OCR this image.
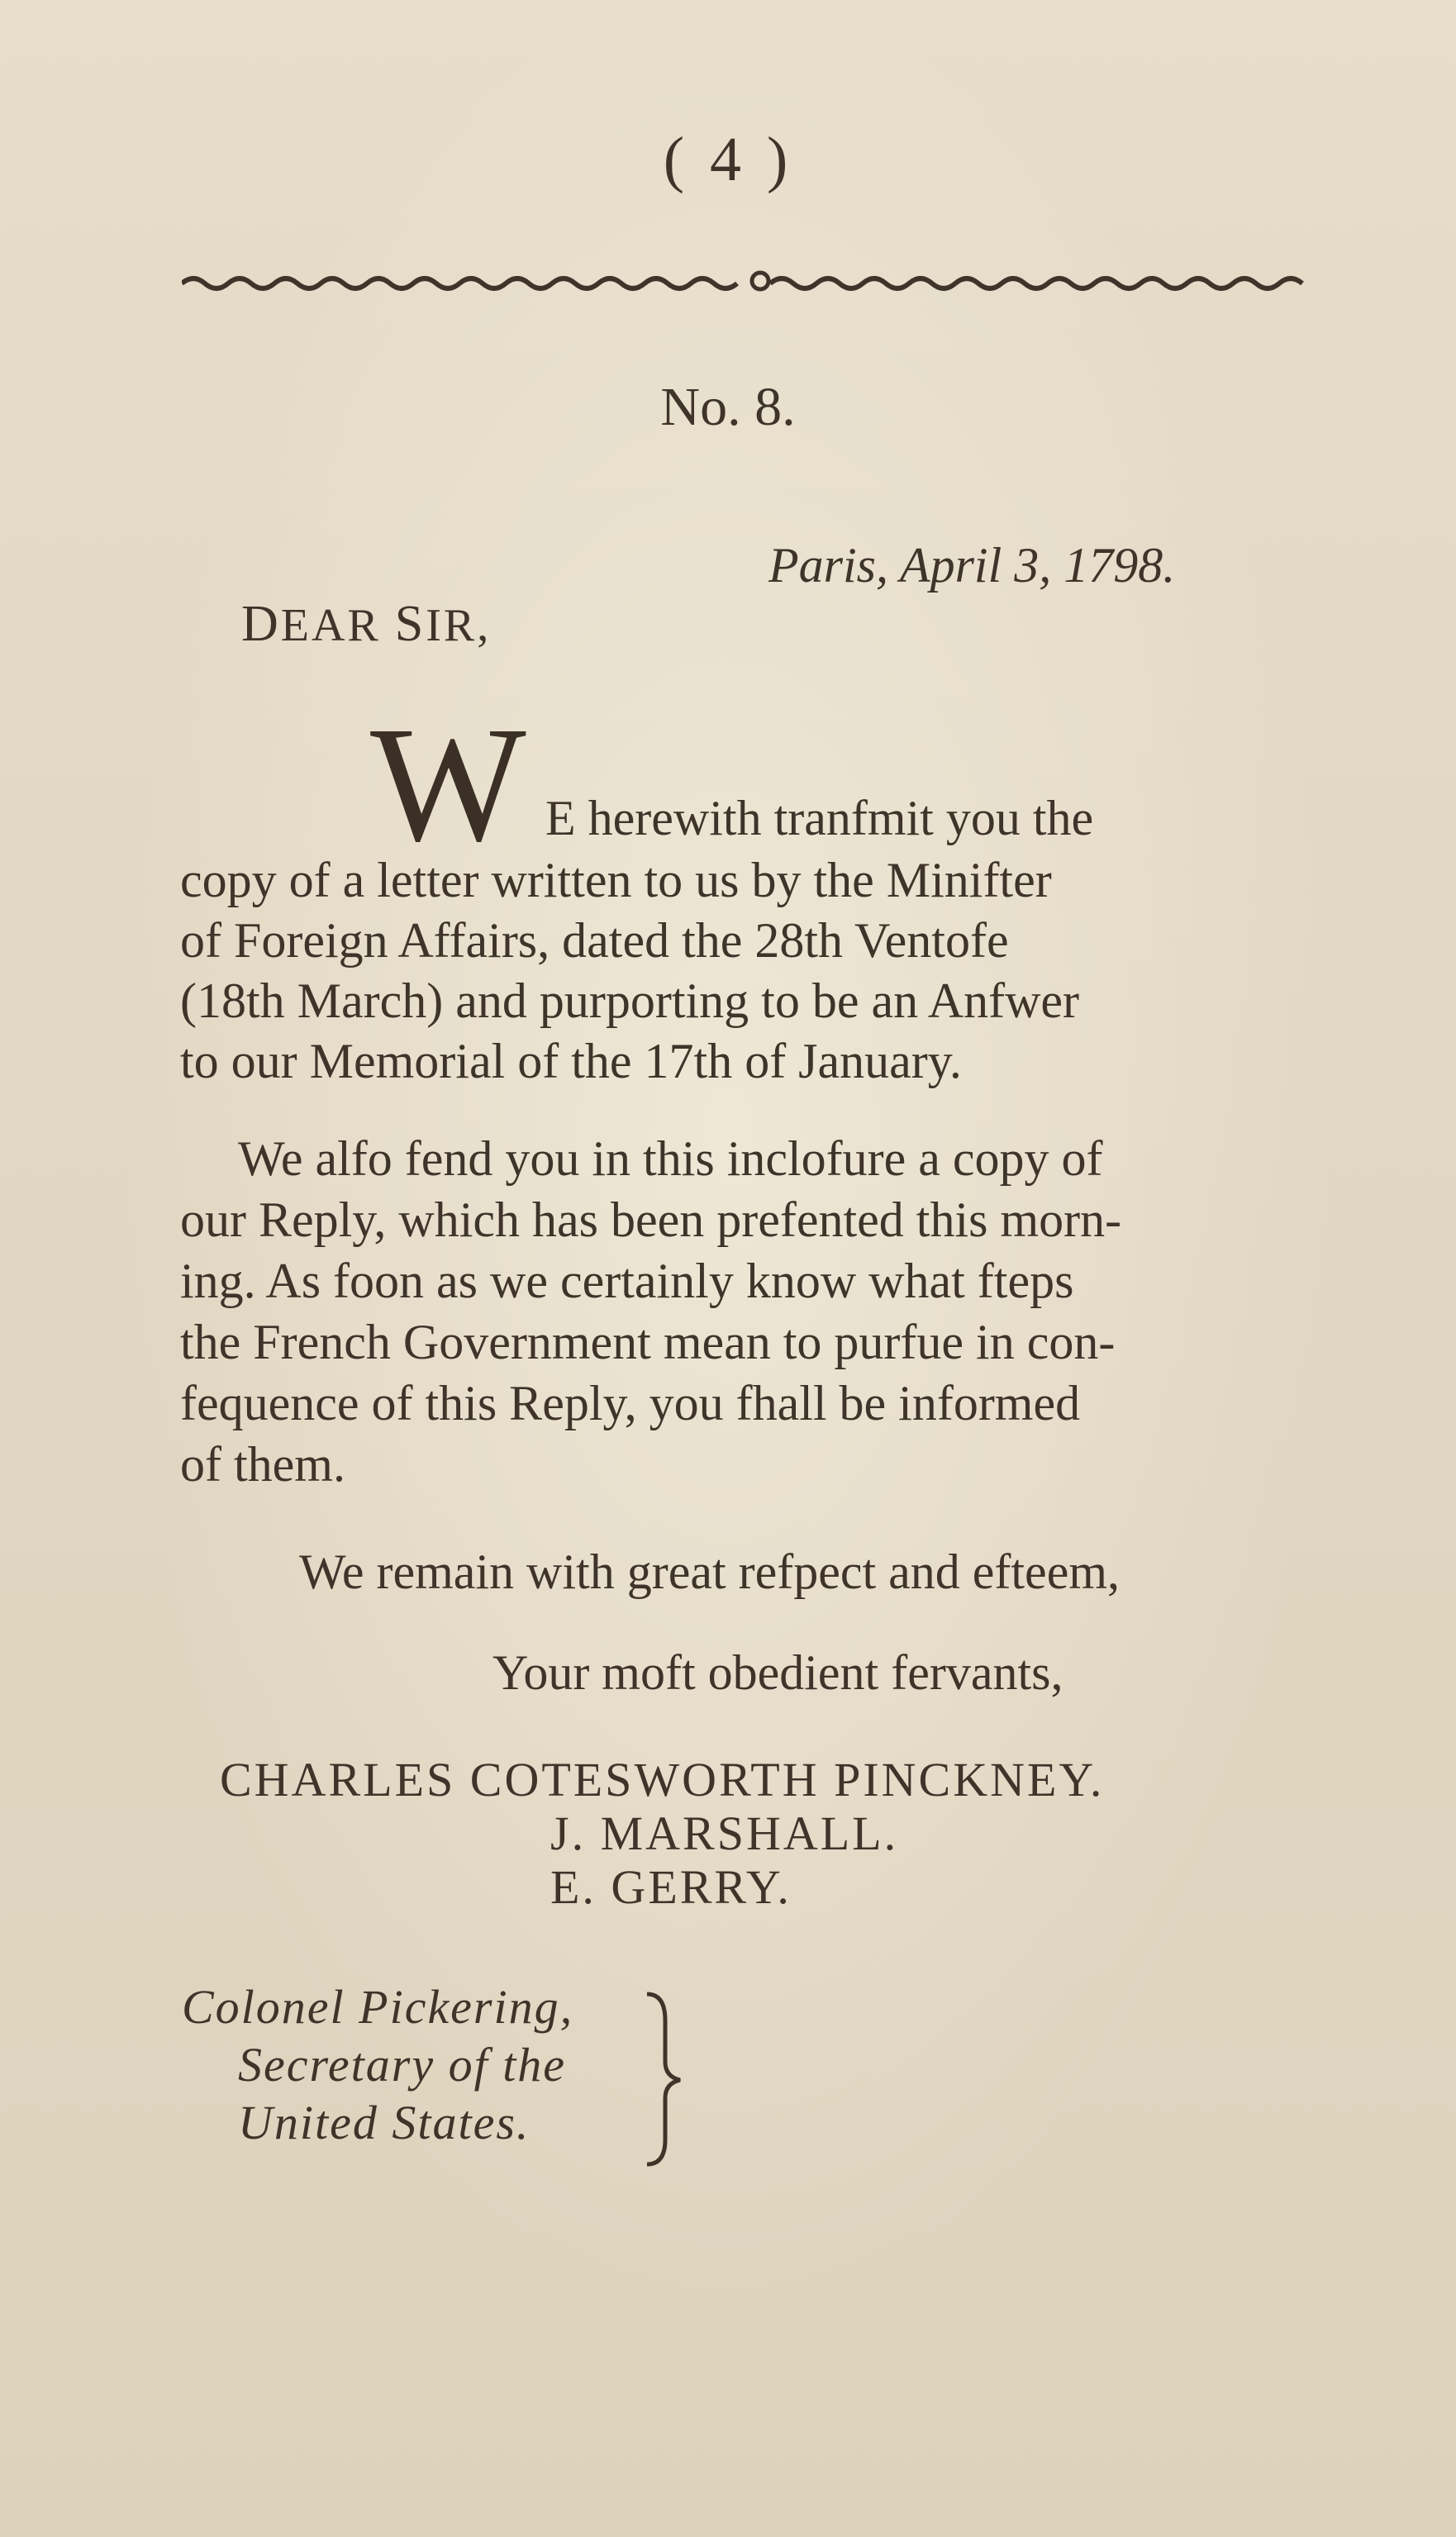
( 4 )
No. 8.
Paris, April 3, 1798.
DEAR SIR,
W E herewith tranfmit you the
copy of a letter written to us by the Minifter
of Foreign Affairs, dated the 28th Ventofe
(18th March) and purporting to be an Anfwer
to our Memorial of the 17th of January.
We alfo fend you in this inclofure a copy of
our Reply, which has been prefented this morn-
ing. As foon as we certainly know what fteps
the French Government mean to purfue in con-
fequence of this Reply, you fhall be informed
of them.
We remain with great refpect and efteem,
Your moft obedient fervants,
CHARLES COTESWORTH PINCKNEY.
J. MARSHALL.
E. GERRY.
Colonel Pickering,
Secretary of the
United States.
